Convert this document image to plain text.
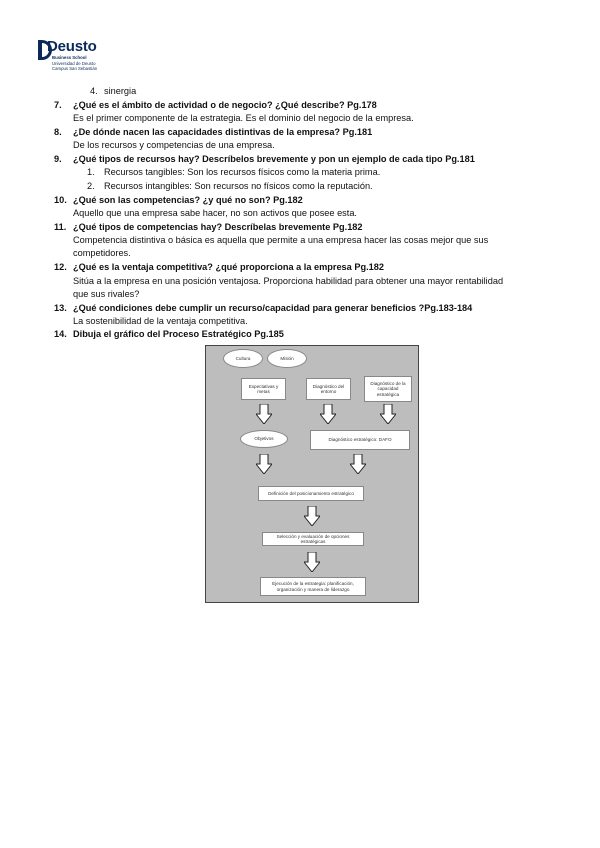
Deusto
Business School
Universidad de Deusto
Campus San Sebastián
4. sinergia
7. ¿Qué es el ámbito de actividad o de negocio? ¿Qué describe? Pg.178
Es el primer componente de la estrategia. Es el dominio del negocio de la empresa.
8. ¿De dónde nacen las capacidades distintivas de la empresa? Pg.181
De los recursos y competencias de una empresa.
9. ¿Qué tipos de recursos hay? Descríbelos brevemente y pon un ejemplo de cada tipo Pg.181
1. Recursos tangibles: Son los recursos físicos como la materia prima.
2. Recursos intangibles: Son recursos no físicos como la reputación.
10. ¿Qué son las competencias? ¿y qué no son? Pg.182
Aquello que una empresa sabe hacer, no son activos que posee esta.
11. ¿Qué tipos de competencias hay? Descríbelas brevemente Pg.182
Competencia distintiva o básica es aquella que permite a una empresa hacer las cosas mejor que sus
competidores.
12. ¿Qué es la ventaja competitiva? ¿qué proporciona a la empresa Pg.182
Sitúa a la empresa en una posición ventajosa. Proporciona habilidad para obtener una mayor rentabilidad
que sus rivales?
13. ¿Qué condiciones debe cumplir un recurso/capacidad para generar beneficios ?Pg.183-184
La sostenibilidad de la ventaja competitiva.
14. Dibuja el gráfico del Proceso Estratégico Pg.185
Cultura	Misión
Expectativas y metas
Diagnóstico del entorno
Diagnóstico de la capacidad estratégica
Objetivos	Diagnóstico estratégico: DAFO
Definición del posicionamiento estratégico
Selección y evaluación de opciones estratégicas
Ejecución de la estrategia: planificación, organización y manera de liderazgo
